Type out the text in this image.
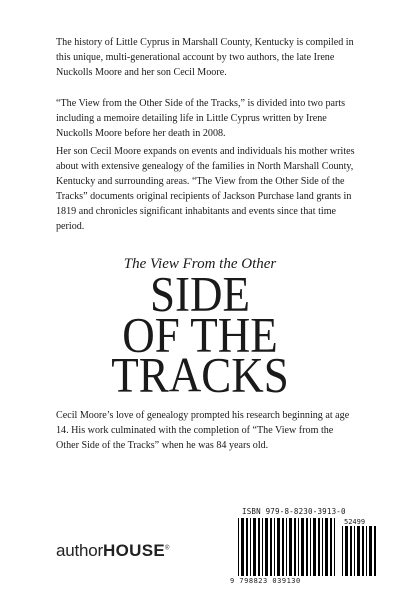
The history of Little Cyprus in Marshall County, Kentucky is compiled in this unique, multi-generational account by two authors, the late Irene Nuckolls Moore and her son Cecil Moore.

“The View from the Other Side of the Tracks,” is divided into two parts including a memoire detailing life in Little Cyprus written by Irene Nuckolls Moore before her death in 2008.

Her son Cecil Moore expands on events and individuals his mother writes about with extensive genealogy of the families in North Marshall County, Kentucky and surrounding areas. “The View from the Other Side of the Tracks” documents original recipients of Jackson Purchase land grants in 1819 and chronicles significant inhabitants and events since that time period.

The View From the Other
SIDE
OF THE
TRACKS

Cecil Moore’s love of genealogy prompted his research beginning at age 14. His work culminated with the completion of “The View from the Other Side of the Tracks” when he was 84 years old.

authorHOUSE®
ISBN 979-8-8230-3913-0
52499
9 798823 039130
